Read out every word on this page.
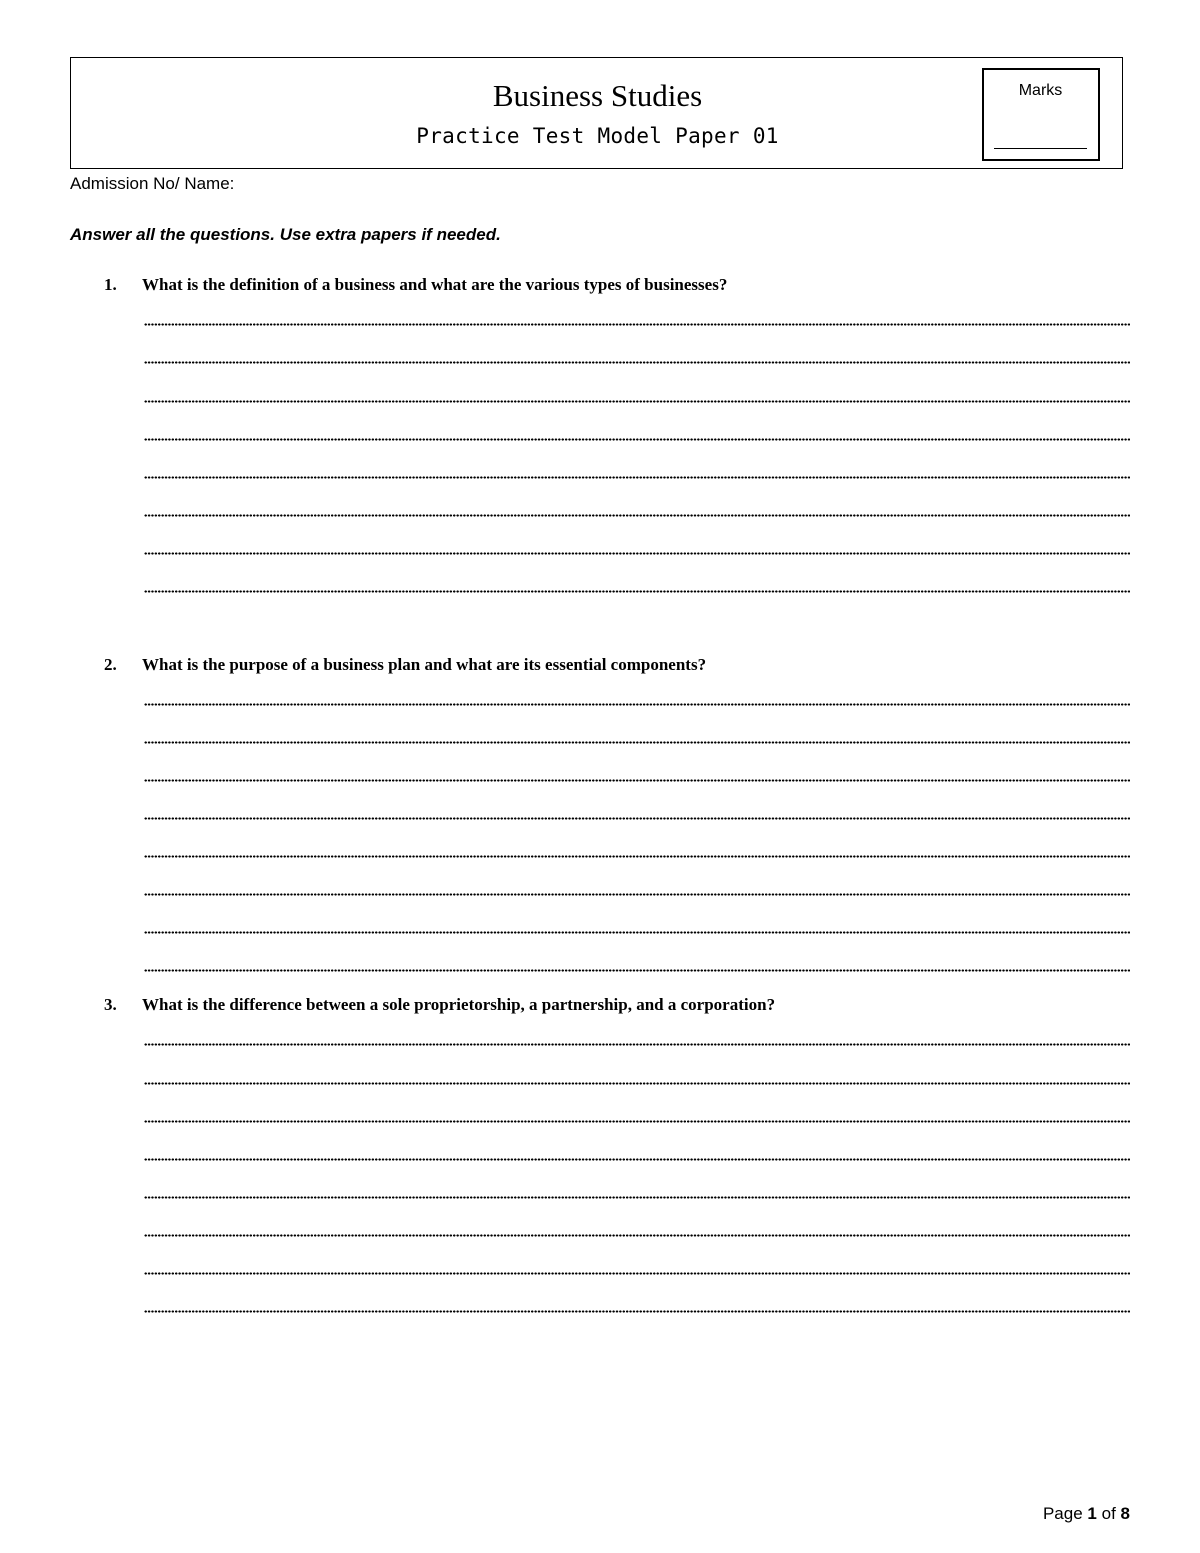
Business Studies
Practice Test Model Paper 01
Marks
Admission No/ Name:
Answer all the questions. Use extra papers if needed.
1. What is the definition of a business and what are the various types of businesses?
2. What is the purpose of a business plan and what are its essential components?
3. What is the difference between a sole proprietorship, a partnership, and a corporation?
Page 1 of 8
